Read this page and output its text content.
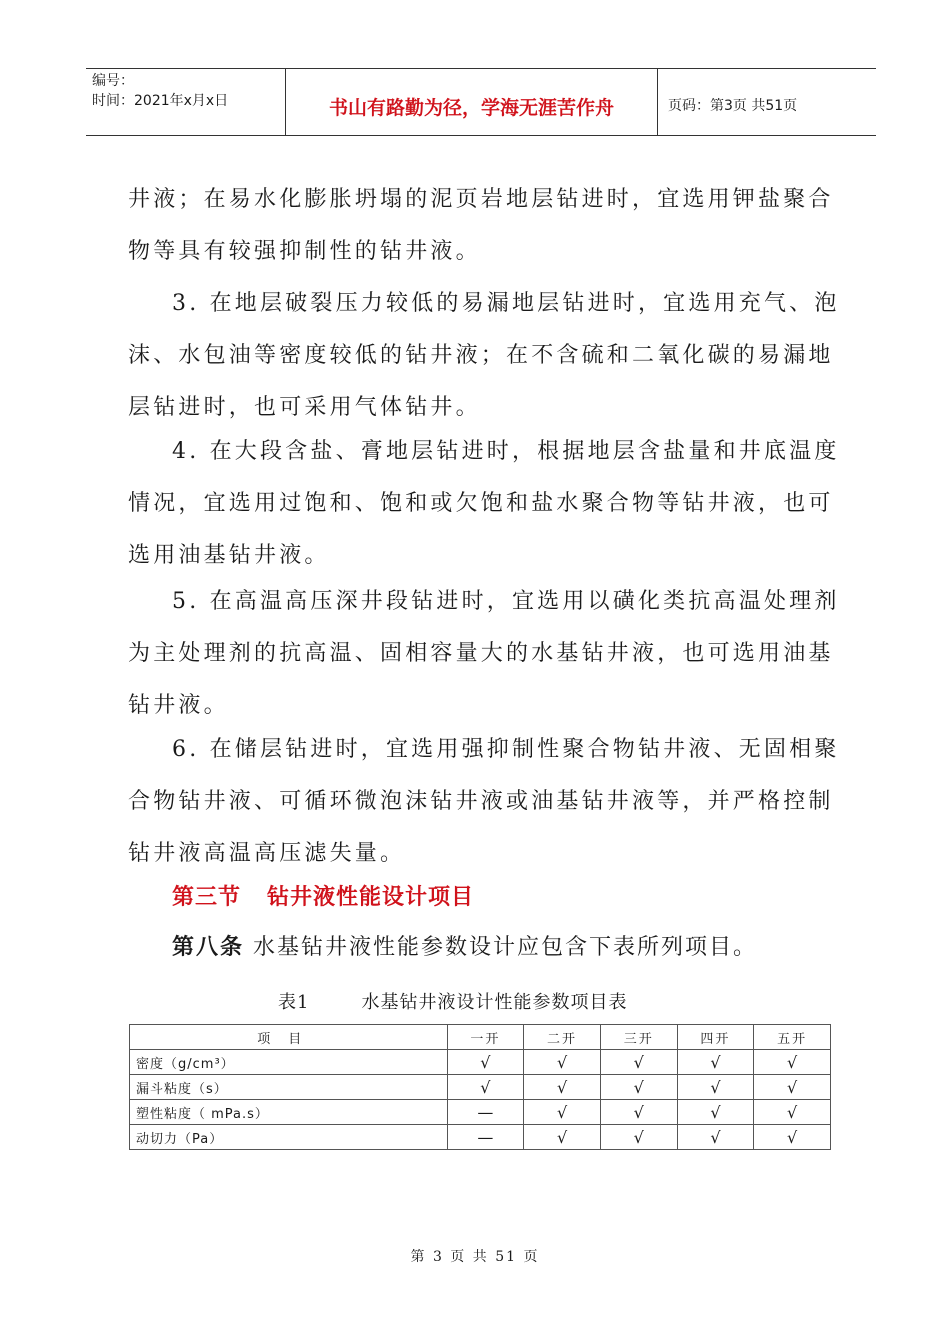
编号：
时间：2021年x月x日	书山有路勤为径，学海无涯苦作舟	页码：第3页 共51页

井液；在易水化膨胀坍塌的泥页岩地层钻进时，宜选用钾盐聚合物等具有较强抑制性的钻井液。

3. 在地层破裂压力较低的易漏地层钻进时，宜选用充气、泡沫、水包油等密度较低的钻井液；在不含硫和二氧化碳的易漏地层钻进时，也可采用气体钻井。

4. 在大段含盐、膏地层钻进时，根据地层含盐量和井底温度情况，宜选用过饱和、饱和或欠饱和盐水聚合物等钻井液，也可选用油基钻井液。

5. 在高温高压深井段钻进时，宜选用以磺化类抗高温处理剂为主处理剂的抗高温、固相容量大的水基钻井液，也可选用油基钻井液。

6. 在储层钻进时，宜选用强抑制性聚合物钻井液、无固相聚合物钻井液、可循环微泡沫钻井液或油基钻井液等，并严格控制钻井液高温高压滤失量。

第三节 钻井液性能设计项目
第八条 水基钻井液性能参数设计应包含下表所列项目。
表1	水基钻井液设计性能参数项目表
项目	一开	二开	三开	四开	五开
密度（g/cm³）	√	√	√	√	√
漏斗粘度（s）	√	√	√	√	√
塑性粘度（ mPa.s）	—	√	√	√	√
动切力（Pa）	—	√	√	√	√
第 3 页 共 51 页
